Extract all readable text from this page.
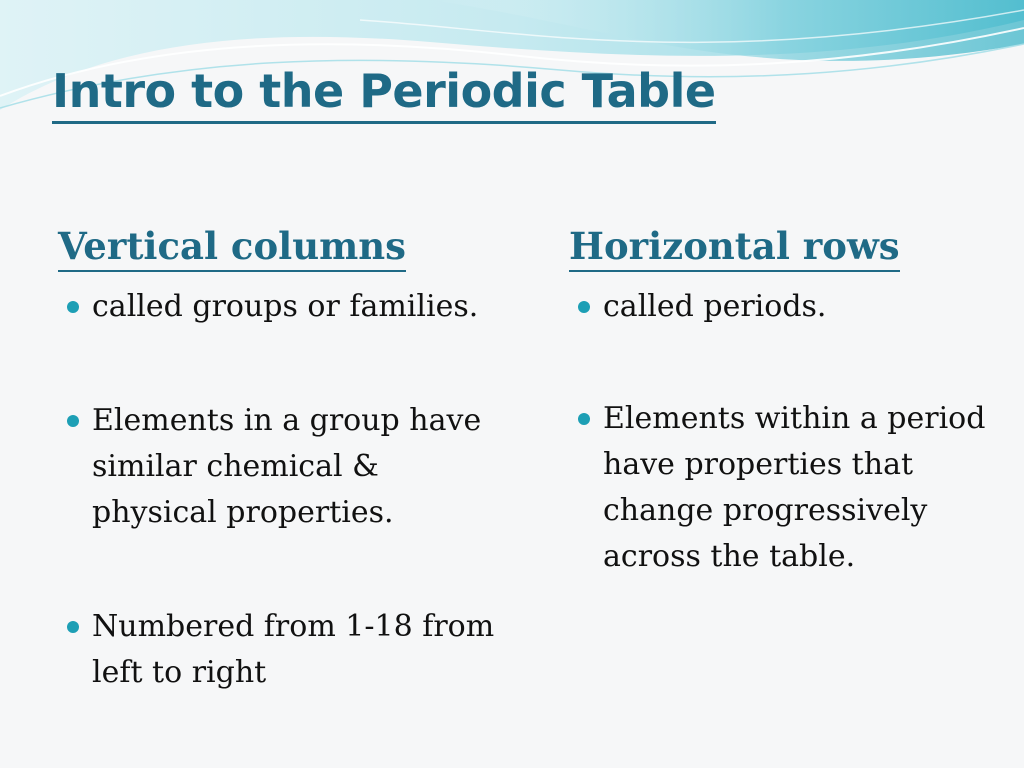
Intro to the Periodic Table
Vertical columns
called groups or families.
Elements in a group have similar chemical & physical properties.
Numbered from 1-18 from left to right
Horizontal rows
called periods.
Elements within a period have properties that change progressively across the table.
